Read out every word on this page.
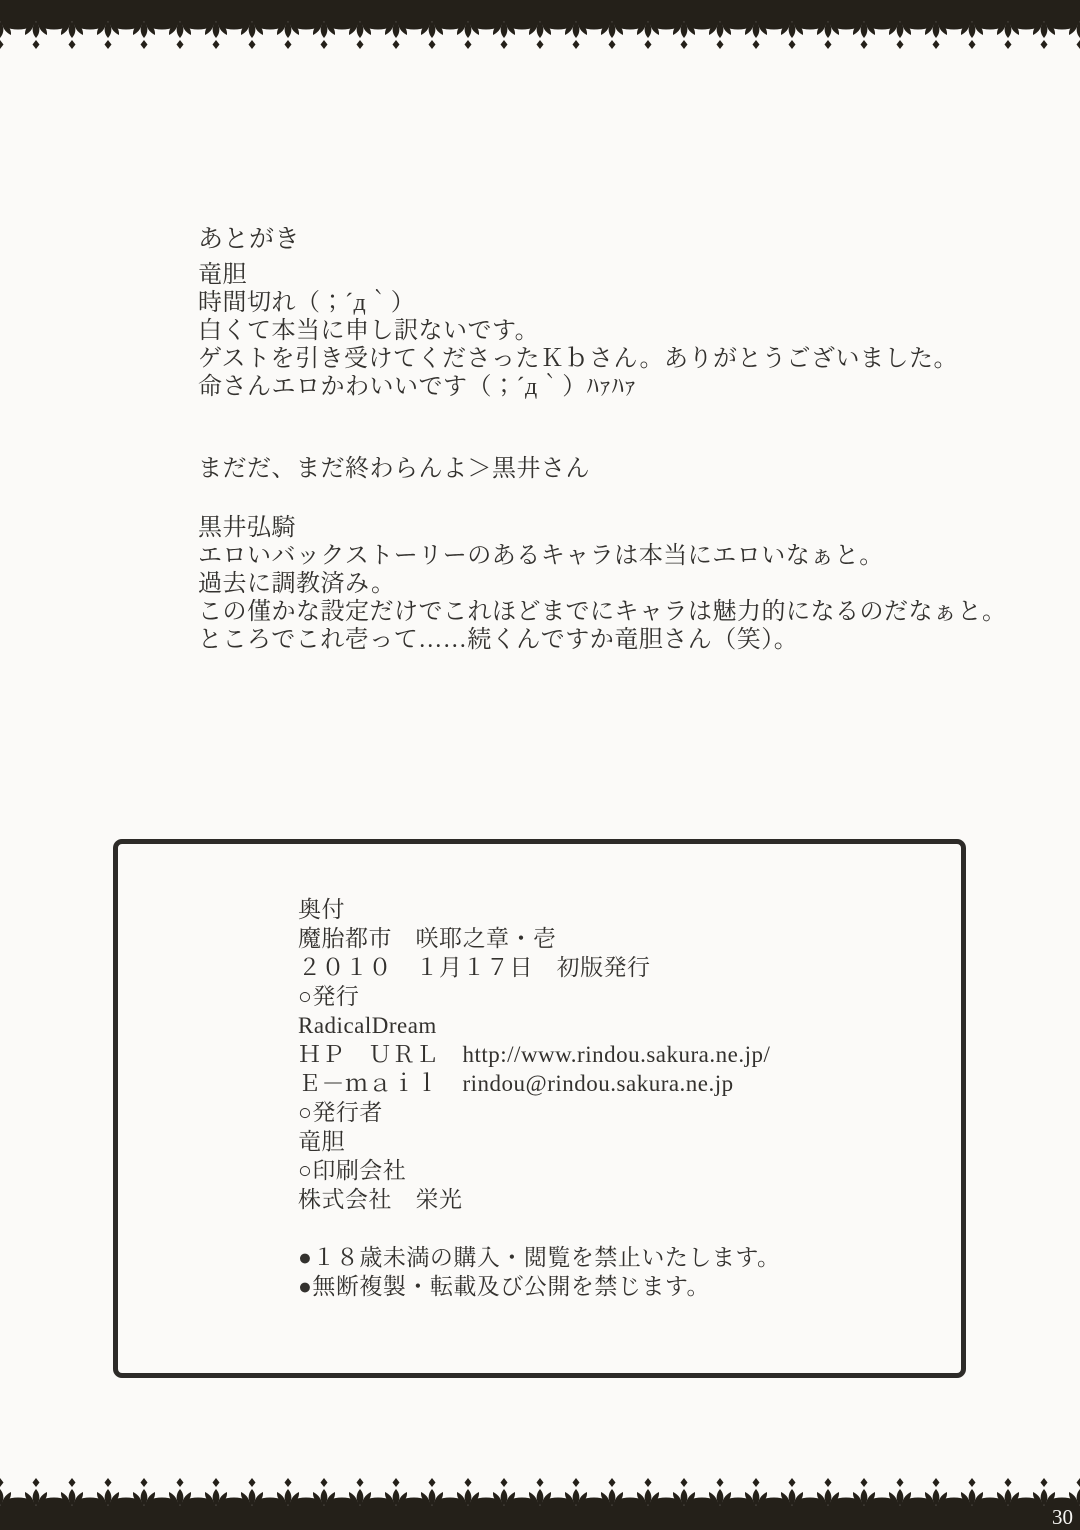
あとがき

竜胆

時間切れ（；´д｀）

白くて本当に申し訳ないです。

ゲストを引き受けてくださったＫｂさん。ありがとうございました。

命さんエロかわいいです（；´д｀）ﾊｧﾊｧ

まだだ、まだ終わらんよ＞黒井さん

黒井弘騎

エロいバックストーリーのあるキャラは本当にエロいなぁと。

過去に調教済み。

この僅かな設定だけでこれほどまでにキャラは魅力的になるのだなぁと。

ところでこれ壱って……続くんですか竜胆さん（笑）。

奥付
魔胎都市　咲耶之章・壱
２０１０　１月１７日　初版発行
○発行
RadicalDream
ＨＰ　ＵＲＬ　http://www.rindou.sakura.ne.jp/
Ｅ－ｍａｉｌ　rindou@rindou.sakura.ne.jp
○発行者
竜胆
○印刷会社
株式会社　栄光
●１８歳未満の購入・閲覧を禁止いたします。
●無断複製・転載及び公開を禁じます。
30
